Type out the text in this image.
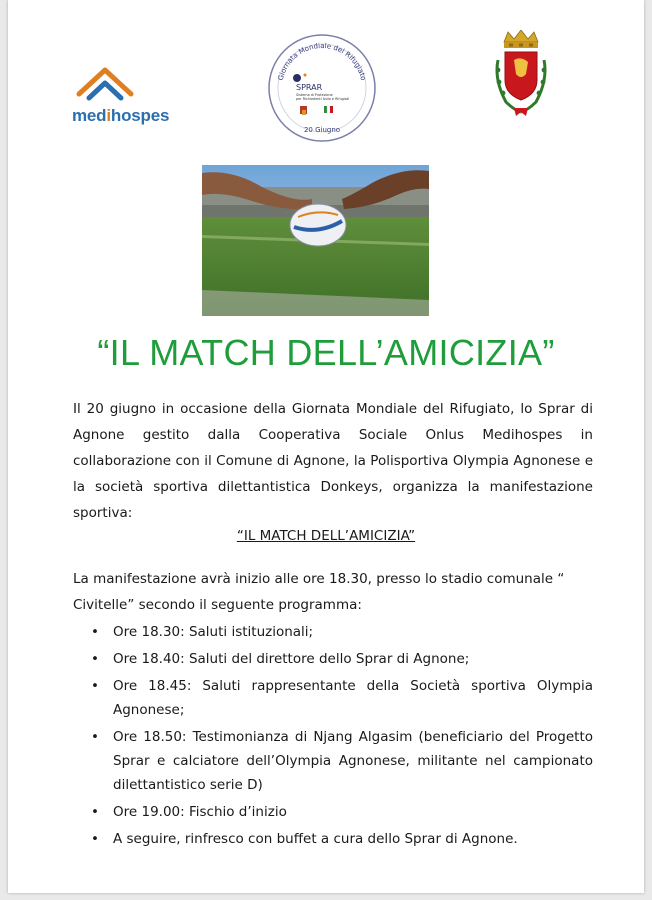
medihospes
Giornata Mondiale del Rifugiato
SPRAR
Sistema di Protezione
per Richiedenti Asilo e Rifugiati
20 Giugno
“IL MATCH DELL’AMICIZIA”
Il 20 giugno in occasione della Giornata Mondiale del Rifugiato, lo Sprar di Agnone gestito dalla Cooperativa Sociale Onlus Medihospes in collaborazione con il Comune di Agnone, la Polisportiva Olympia Agnonese e la società sportiva dilettantistica Donkeys, organizza la manifestazione sportiva:
“IL MATCH DELL’AMICIZIA”
La manifestazione avrà inizio alle ore 18.30, presso lo stadio comunale “ Civitelle” secondo il seguente programma:
• Ore 18.30: Saluti istituzionali;
• Ore 18.40: Saluti del direttore dello Sprar di Agnone;
• Ore 18.45: Saluti rappresentante della Società sportiva Olympia Agnonese;
• Ore 18.50: Testimonianza di Njang Algasim (beneficiario del Progetto Sprar e calciatore dell’Olympia Agnonese, militante nel campionato dilettantistico serie D)
• Ore 19.00: Fischio d’inizio
• A seguire, rinfresco con buffet a cura dello Sprar di Agnone.
